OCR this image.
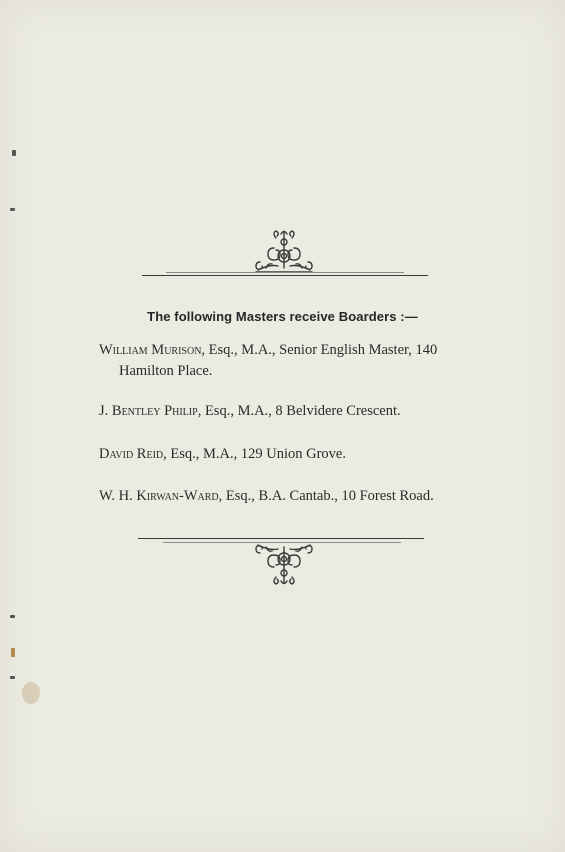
The following Masters receive Boarders :—
William Murison, Esq., M.A., Senior English Master, 140
Hamilton Place.
J. Bentley Philip, Esq., M.A., 8 Belvidere Crescent.
David Reid, Esq., M.A., 129 Union Grove.
W. H. Kirwan-Ward, Esq., B.A. Cantab., 10 Forest Road.
